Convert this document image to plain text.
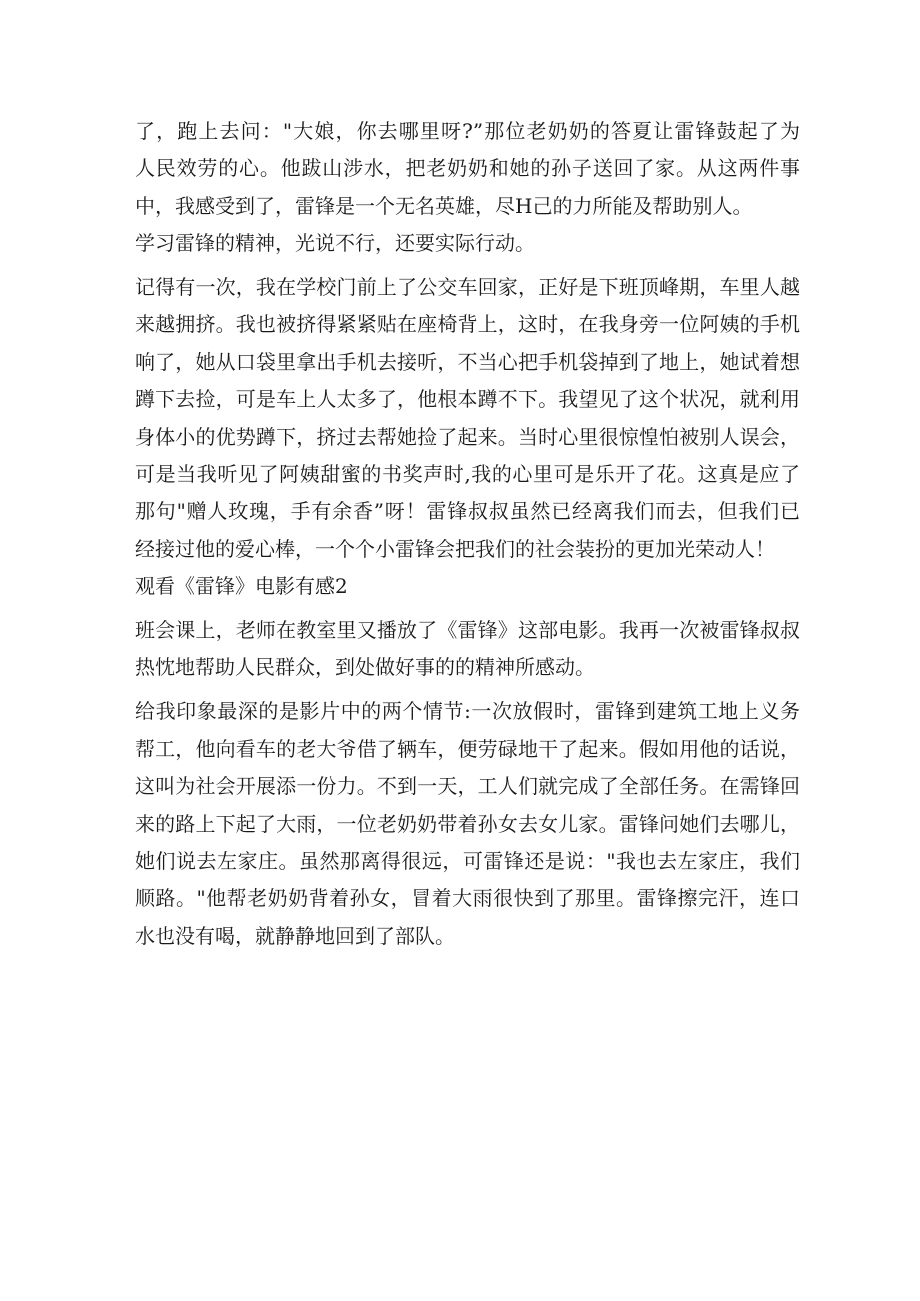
了，跑上去问："大娘，你去哪里呀?”那位老奶奶的答夏让雷锋鼓起了为
人民效劳的心。他跋山涉水，把老奶奶和她的孙子送回了家。从这两件事
中，我感受到了，雷锋是一个无名英雄，尽H己的力所能及帮助别人。
学习雷锋的精神，光说不行，还要实际行动。
记得有一次，我在学校门前上了公交车回家，正好是下班顶峰期，车里人越
来越拥挤。我也被挤得紧紧贴在座椅背上，这时，在我身旁一位阿姨的手机
响了，她从口袋里拿出手机去接听，不当心把手机袋掉到了地上，她试着想
蹲下去捡，可是车上人太多了，他根本蹲不下。我望见了这个状况，就利用
身体小的优势蹲下，挤过去帮她捡了起来。当时心里很惊惶怕被别人误会，
可是当我听见了阿姨甜蜜的书奖声时,我的心里可是乐开了花。这真是应了
那句"赠人玫瑰，手有余香”呀！雷锋叔叔虽然已经离我们而去，但我们已
经接过他的爱心棒，一个个小雷锋会把我们的社会装扮的更加光荣动人！
观看《雷锋》电影有感2
班会课上，老师在教室里又播放了《雷锋》这部电影。我再一次被雷锋叔叔
热忱地帮助人民群众，到处做好事的的精神所感动。
给我印象最深的是影片中的两个情节:一次放假时，雷锋到建筑工地上义务
帮工，他向看车的老大爷借了辆车，便劳碌地干了起来。假如用他的话说，
这叫为社会开展添一份力。不到一天，工人们就完成了全部任务。在需锋回
来的路上下起了大雨，一位老奶奶带着孙女去女儿家。雷锋问她们去哪儿，
她们说去左家庄。虽然那离得很远，可雷锋还是说："我也去左家庄，我们
顺路。"他帮老奶奶背着孙女，冒着大雨很快到了那里。雷锋擦完汗，连口
水也没有喝，就静静地回到了部队。
